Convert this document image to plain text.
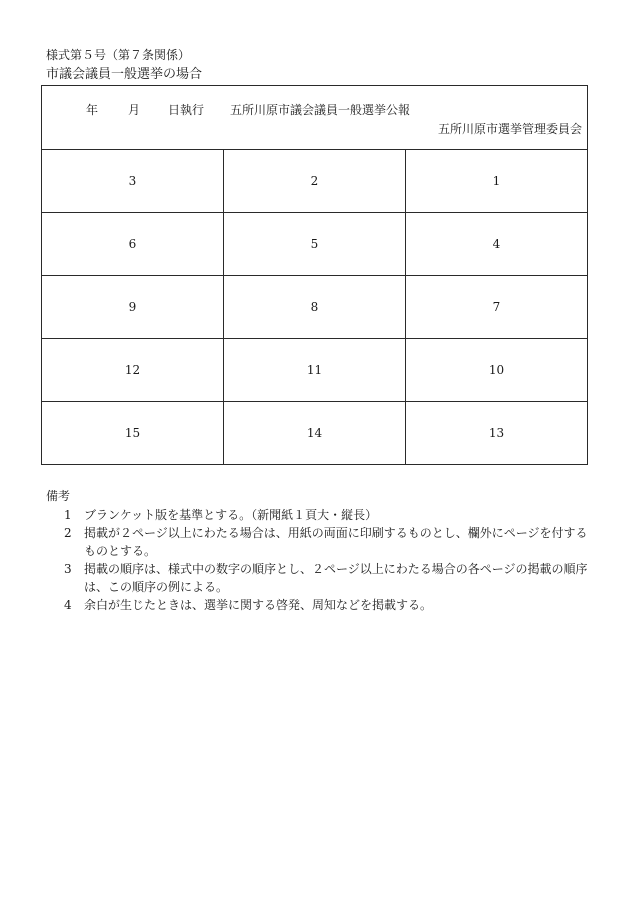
様式第５号（第７条関係）
市議会議員一般選挙の場合
年 月 日執行 五所川原市議会議員一般選挙公報
五所川原市選挙管理委員会		

3	2	1
6	5	4
9	8	7
12	11	10
15	14	13

備考

1 ブランケット版を基準とする。（新聞紙１頁大・縦長）

2 掲載が２ページ以上にわたる場合は、用紙の両面に印刷するものとし、欄外にページを付するものとする。

3 掲載の順序は、様式中の数字の順序とし、２ページ以上にわたる場合の各ページの掲載の順序は、この順序の例による。

4 余白が生じたときは、選挙に関する啓発、周知などを掲載する。
